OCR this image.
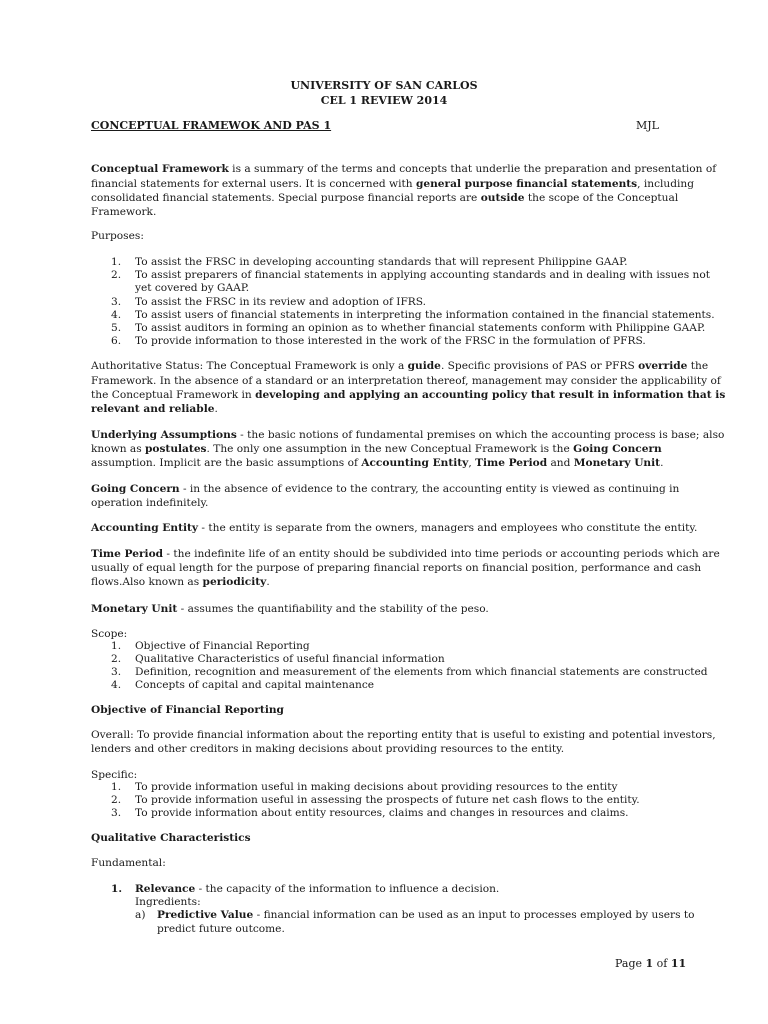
UNIVERSITY OF SAN CARLOS
CEL 1 REVIEW 2014
CONCEPTUAL FRAMEWOK AND PAS 1	MJL
Conceptual Framework is a summary of the terms and concepts that underlie the preparation and presentation of
financial statements for external users. It is concerned with general purpose financial statements, including
consolidated financial statements. Special purpose financial reports are outside the scope of the Conceptual
Framework.
Purposes:
1. To assist the FRSC in developing accounting standards that will represent Philippine GAAP.
2. To assist preparers of financial statements in applying accounting standards and in dealing with issues not
yet covered by GAAP.
3. To assist the FRSC in its review and adoption of IFRS.
4. To assist users of financial statements in interpreting the information contained in the financial statements.
5. To assist auditors in forming an opinion as to whether financial statements conform with Philippine GAAP.
6. To provide information to those interested in the work of the FRSC in the formulation of PFRS.
Authoritative Status: The Conceptual Framework is only a guide. Specific provisions of PAS or PFRS override the
Framework. In the absence of a standard or an interpretation thereof, management may consider the applicability of
the Conceptual Framework in developing and applying an accounting policy that result in information that is
relevant and reliable.
Underlying Assumptions - the basic notions of fundamental premises on which the accounting process is base; also
known as postulates. The only one assumption in the new Conceptual Framework is the Going Concern
assumption. Implicit are the basic assumptions of Accounting Entity, Time Period and Monetary Unit.
Going Concern - in the absence of evidence to the contrary, the accounting entity is viewed as continuing in
operation indefinitely.
Accounting Entity - the entity is separate from the owners, managers and employees who constitute the entity.
Time Period - the indefinite life of an entity should be subdivided into time periods or accounting periods which are
usually of equal length for the purpose of preparing financial reports on financial position, performance and cash
flows.Also known as periodicity.
Monetary Unit - assumes the quantifiability and the stability of the peso.
Scope:
1. Objective of Financial Reporting
2. Qualitative Characteristics of useful financial information
3. Definition, recognition and measurement of the elements from which financial statements are constructed
4. Concepts of capital and capital maintenance
Objective of Financial Reporting
Overall: To provide financial information about the reporting entity that is useful to existing and potential investors,
lenders and other creditors in making decisions about providing resources to the entity.
Specific:
1. To provide information useful in making decisions about providing resources to the entity
2. To provide information useful in assessing the prospects of future net cash flows to the entity.
3. To provide information about entity resources, claims and changes in resources and claims.
Qualitative Characteristics
Fundamental:
1. Relevance - the capacity of the information to influence a decision.
Ingredients:
a) Predictive Value - financial information can be used as an input to processes employed by users to
predict future outcome.
Page 1 of 11
